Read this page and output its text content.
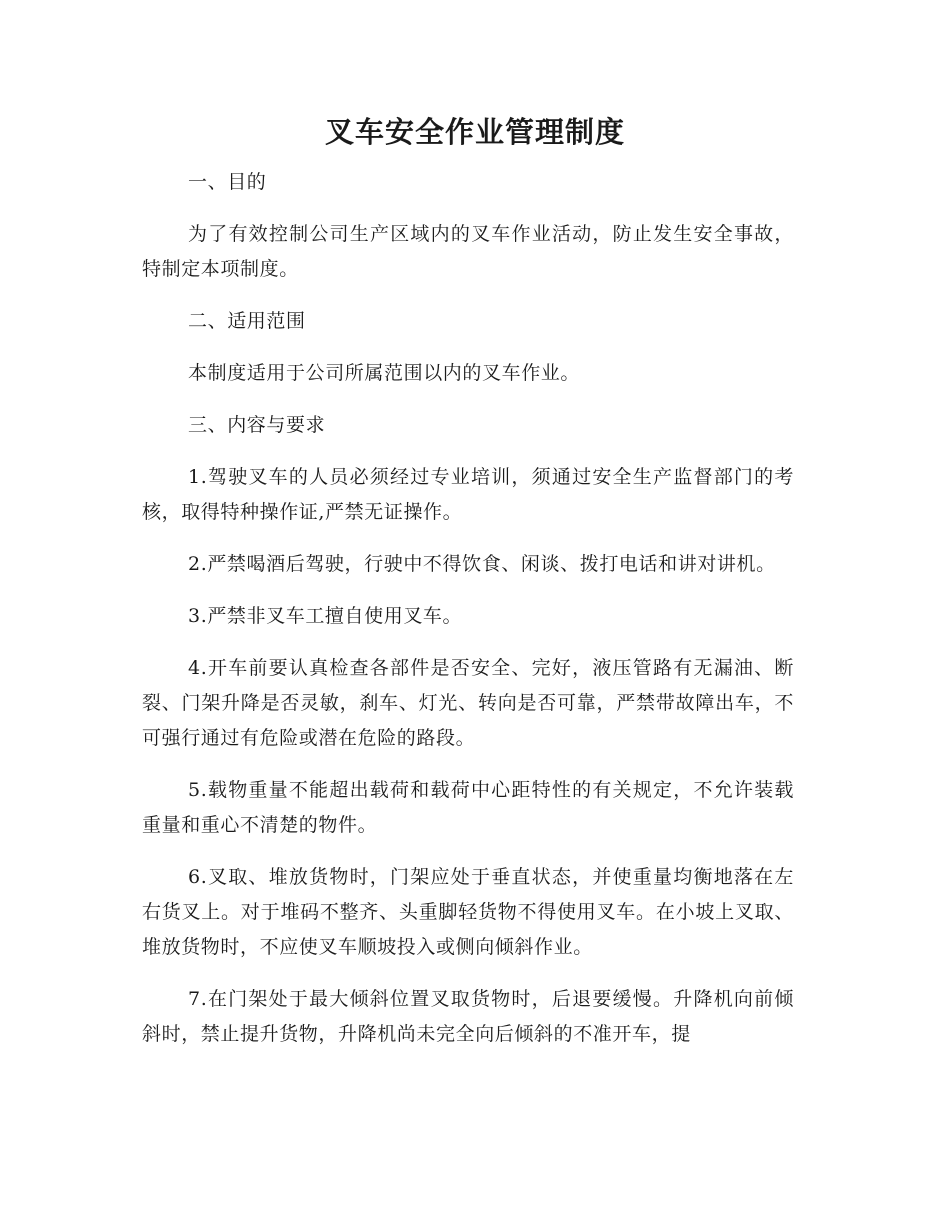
叉车安全作业管理制度

一、目的

为了有效控制公司生产区域内的叉车作业活动，防止发生安全事故，特制定本项制度。

二、适用范围

本制度适用于公司所属范围以内的叉车作业。

三、内容与要求

1.驾驶叉车的人员必须经过专业培训，须通过安全生产监督部门的考核，取得特种操作证,严禁无证操作。

2.严禁喝酒后驾驶，行驶中不得饮食、闲谈、拨打电话和讲对讲机。

3.严禁非叉车工擅自使用叉车。

4.开车前要认真检查各部件是否安全、完好，液压管路有无漏油、断裂、门架升降是否灵敏，刹车、灯光、转向是否可靠，严禁带故障出车，不可强行通过有危险或潜在危险的路段。

5.载物重量不能超出载荷和载荷中心距特性的有关规定，不允许装载重量和重心不清楚的物件。

6.叉取、堆放货物时，门架应处于垂直状态，并使重量均衡地落在左右货叉上。对于堆码不整齐、头重脚轻货物不得使用叉车。在小坡上叉取、堆放货物时，不应使叉车顺坡投入或侧向倾斜作业。

7.在门架处于最大倾斜位置叉取货物时，后退要缓慢。升降机向前倾斜时，禁止提升货物，升降机尚未完全向后倾斜的不准开车，提
